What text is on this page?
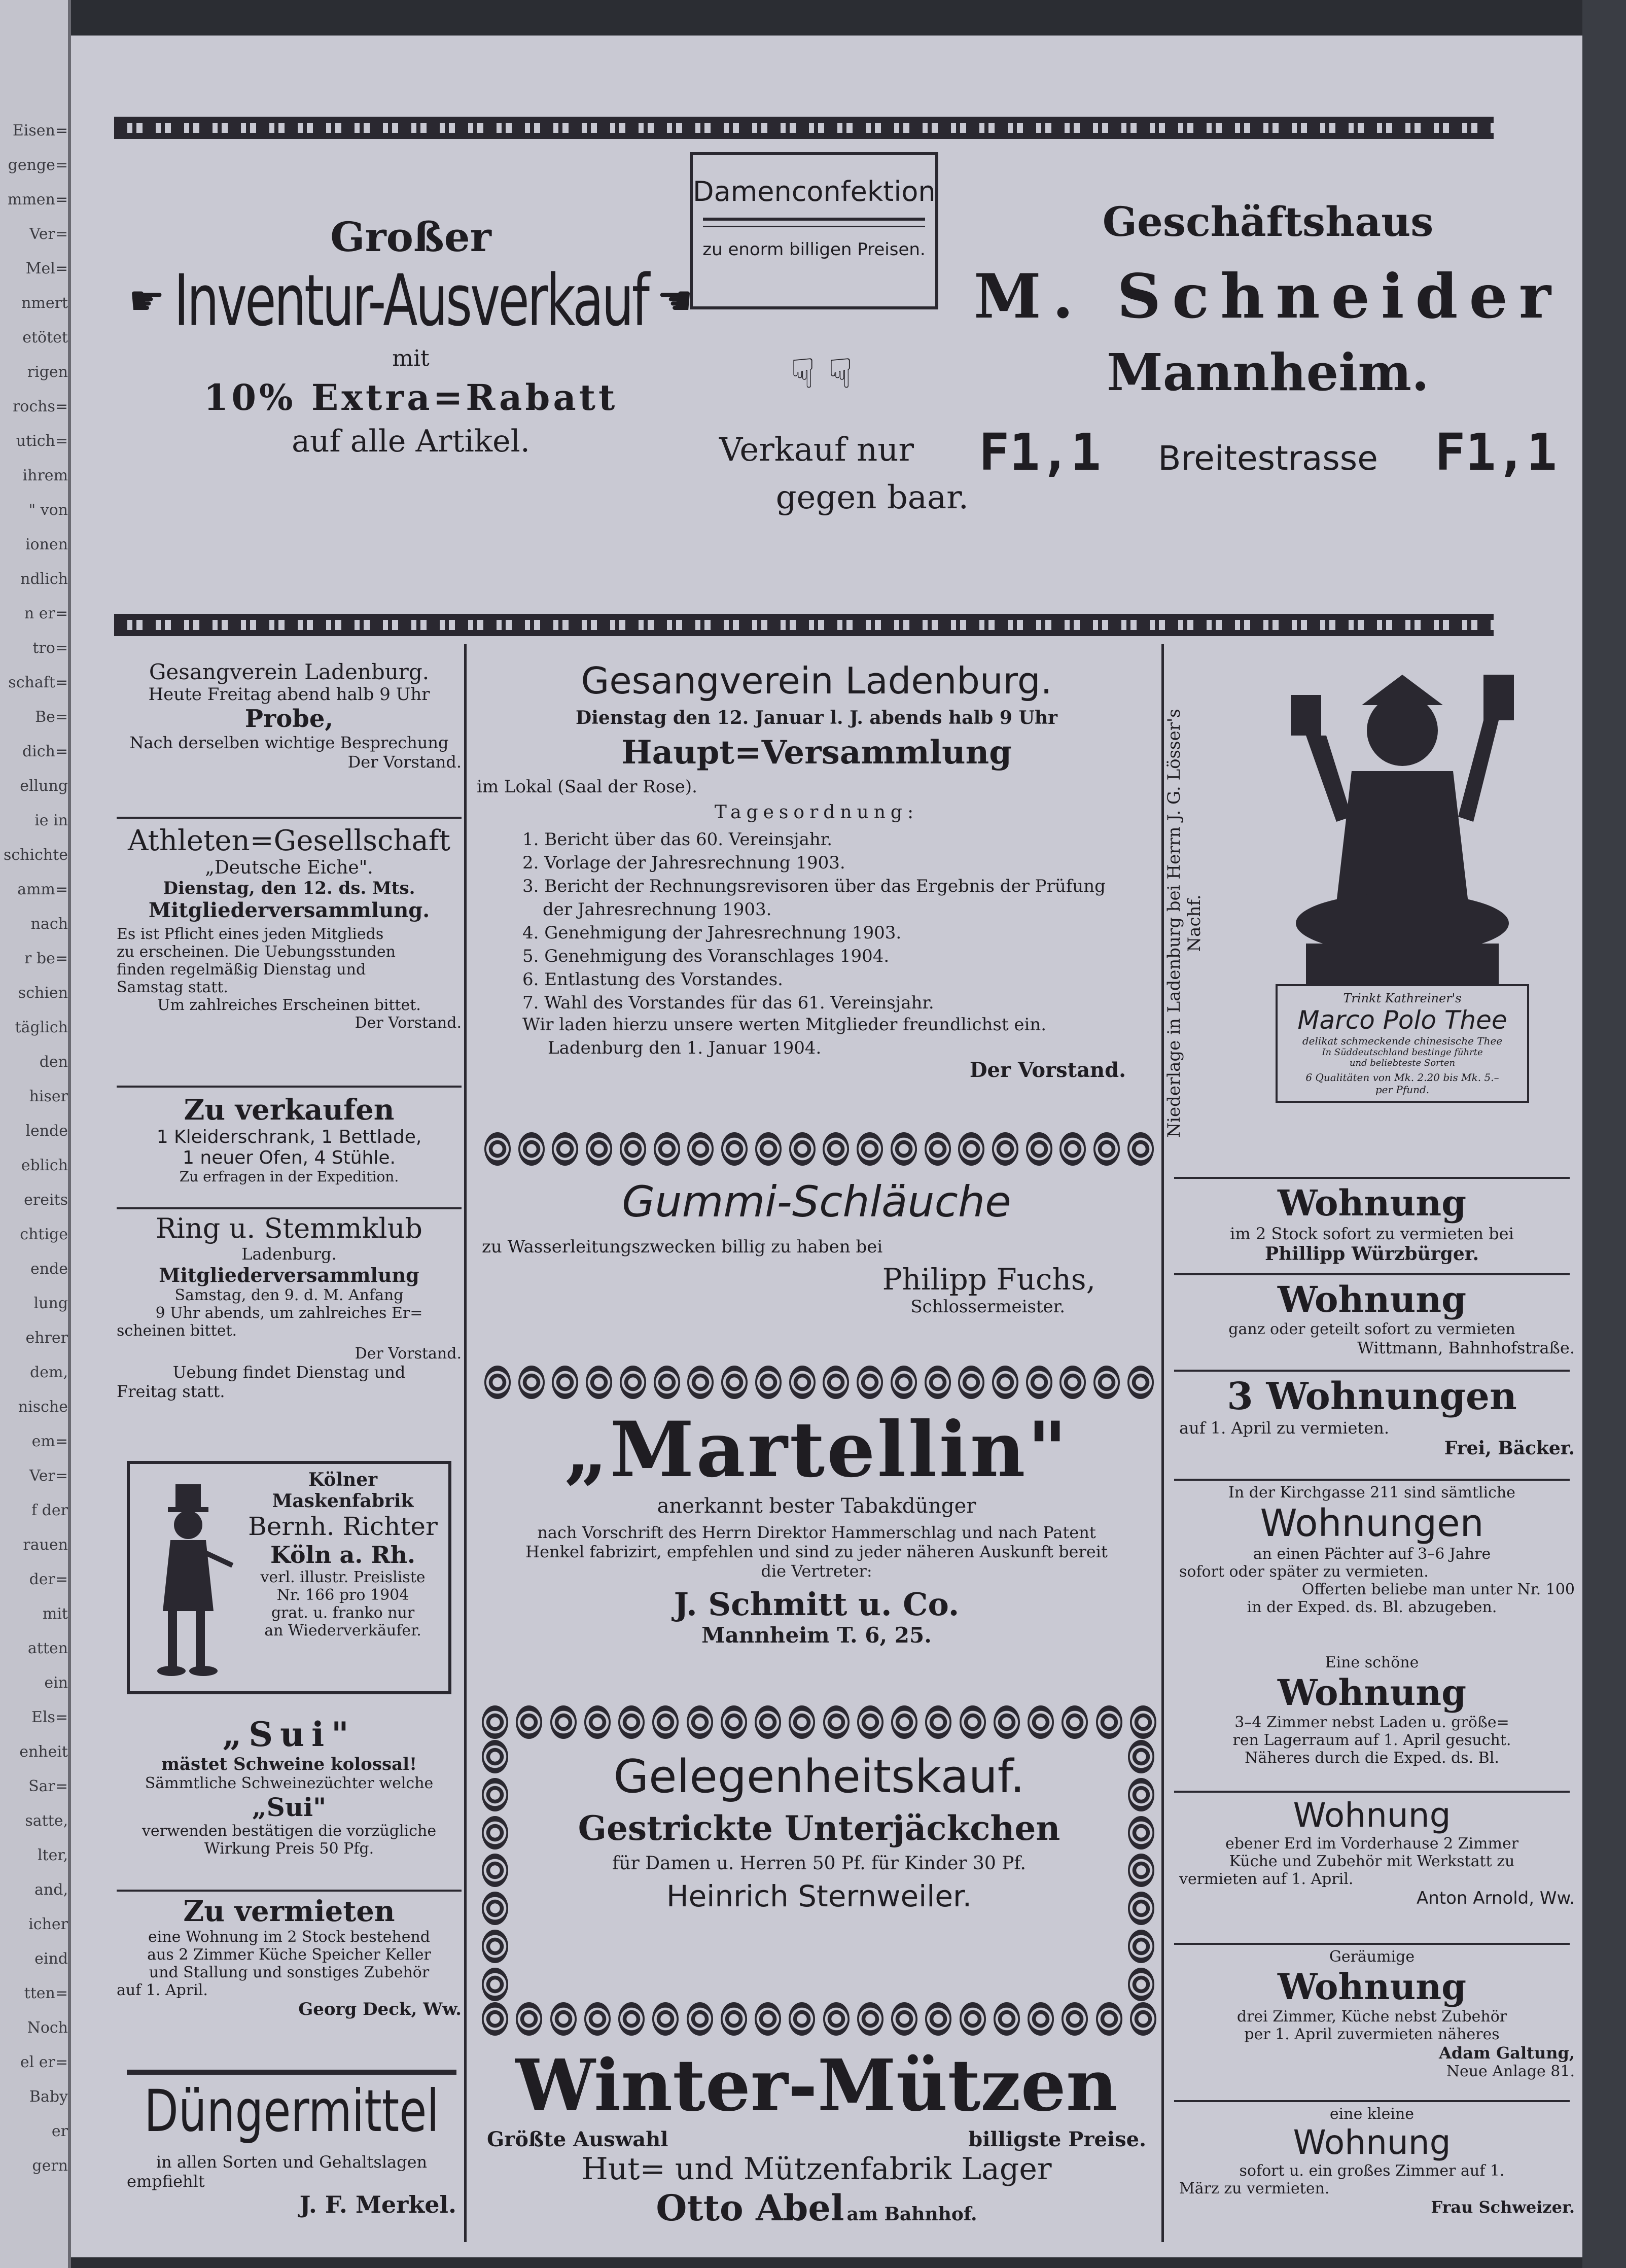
Eisen=
genge=
mmen=
Ver=
Mel=
nmert
etötet
rigen
rochs=
utich=
ihrem
" von
ionen
ndlich
n er=
tro=
schaft=
Be=
dich=
ellung
ie in
schichte
amm=
nach
r be=
schien
täglich
den
hiser
lende
eblich
ereits
chtige
ende
lung
ehrer
dem,
nische
em=
Ver=
f der
rauen
der=
mit
atten
ein
Els=
enheit
Sar=
satte,
lter,
and,
icher
eind
tten=
Noch
el er=
Baby
er
gern
Großer
☛ Inventur-Ausverkauf ☛
mit
10% Extra=Rabatt
auf alle Artikel.
Damenconfektion
zu enorm billigen Preisen.
☟ ☟
Verkauf nur
gegen baar.
Geschäftshaus
M. Schneider
Mannheim.
F1,1 Breitestrasse F1,1
Gesangverein Ladenburg.
Heute Freitag abend halb 9 Uhr
Probe,
Nach derselben wichtige Besprechung
Der Vorstand.
Athleten=Gesellschaft
„Deutsche Eiche".
Dienstag, den 12. ds. Mts.
Mitgliederversammlung.
Es ist Pflicht eines jeden Mitglieds
zu erscheinen. Die Uebungsstunden
finden regelmäßig Dienstag und
Samstag statt.
Um zahlreiches Erscheinen bittet.
Der Vorstand.
Zu verkaufen
1 Kleiderschrank, 1 Bettlade,
1 neuer Ofen, 4 Stühle.
Zu erfragen in der Expedition.
Ring u. Stemmklub
Ladenburg.
Mitgliederversammlung
Samstag, den 9. d. M. Anfang
9 Uhr abends, um zahlreiches Er=
scheinen bittet.
Der Vorstand.
Uebung findet Dienstag und
Freitag statt.
Kölner
Maskenfabrik
Bernh. Richter
Köln a. Rh.
verl. illustr. Preisliste
Nr. 166 pro 1904
grat. u. franko nur
an Wiederverkäufer.
„Sui"
mästet Schweine kolossal!
Sämmtliche Schweinezüchter welche
„Sui"
verwenden bestätigen die vorzügliche
Wirkung Preis 50 Pfg.
Zu vermieten
eine Wohnung im 2 Stock bestehend
aus 2 Zimmer Küche Speicher Keller
und Stallung und sonstiges Zubehör
auf 1. April.
Georg Deck, Ww.
Düngermittel
in allen Sorten und Gehaltslagen
empfiehlt
J. F. Merkel.
Gesangverein Ladenburg.
Dienstag den 12. Januar l. J. abends halb 9 Uhr
Haupt=Versammlung
im Lokal (Saal der Rose).
Tagesordnung:
1. Bericht über das 60. Vereinsjahr.
2. Vorlage der Jahresrechnung 1903.
3. Bericht der Rechnungsrevisoren über das Ergebnis der Prüfung
der Jahresrechnung 1903.
4. Genehmigung der Jahresrechnung 1903.
5. Genehmigung des Voranschlages 1904.
6. Entlastung des Vorstandes.
7. Wahl des Vorstandes für das 61. Vereinsjahr.
Wir laden hierzu unsere werten Mitglieder freundlichst ein.
Ladenburg den 1. Januar 1904.
Der Vorstand.
Gummi-Schläuche
zu Wasserleitungszwecken billig zu haben bei
Philipp Fuchs,
Schlossermeister.
„Martellin"
anerkannt bester Tabakdünger
nach Vorschrift des Herrn Direktor Hammerschlag und nach Patent
Henkel fabrizirt, empfehlen und sind zu jeder näheren Auskunft bereit
die Vertreter:
J. Schmitt u. Co.
Mannheim T. 6, 25.
Gelegenheitskauf.
Gestrickte Unterjäckchen
für Damen u. Herren 50 Pf. für Kinder 30 Pf.
Heinrich Sternweiler.
Winter-Mützen
Größte Auswahl	billigste Preise.
Hut= und Mützenfabrik Lager
Otto Abel am Bahnhof.
Niederlage in Ladenburg bei Herrn J. G. Lösser's Nachf.
Trinkt Kathreiner's
Marco Polo Thee
delikat schmeckende chinesische Thee
In Süddeutschland bestinge führte
und beliebteste Sorten
6 Qualitäten von Mk. 2.20 bis Mk. 5.–
per Pfund.
Wohnung
im 2 Stock sofort zu vermieten bei
Phillipp Würzbürger.
Wohnung
ganz oder geteilt sofort zu vermieten
Wittmann, Bahnhofstraße.
3 Wohnungen
auf 1. April zu vermieten.
Frei, Bäcker.
In der Kirchgasse 211 sind sämtliche
Wohnungen
an einen Pächter auf 3–6 Jahre
sofort oder später zu vermieten.
Offerten beliebe man unter Nr. 100
in der Exped. ds. Bl. abzugeben.
Eine schöne
Wohnung
3–4 Zimmer nebst Laden u. größe=
ren Lagerraum auf 1. April gesucht.
Näheres durch die Exped. ds. Bl.
Wohnung
ebener Erd im Vorderhause 2 Zimmer
Küche und Zubehör mit Werkstatt zu
vermieten auf 1. April.
Anton Arnold, Ww.
Geräumige
Wohnung
drei Zimmer, Küche nebst Zubehör
per 1. April zuvermieten näheres
Adam Galtung,
Neue Anlage 81.
eine kleine
Wohnung
sofort u. ein großes Zimmer auf 1.
März zu vermieten.
Frau Schweizer.
